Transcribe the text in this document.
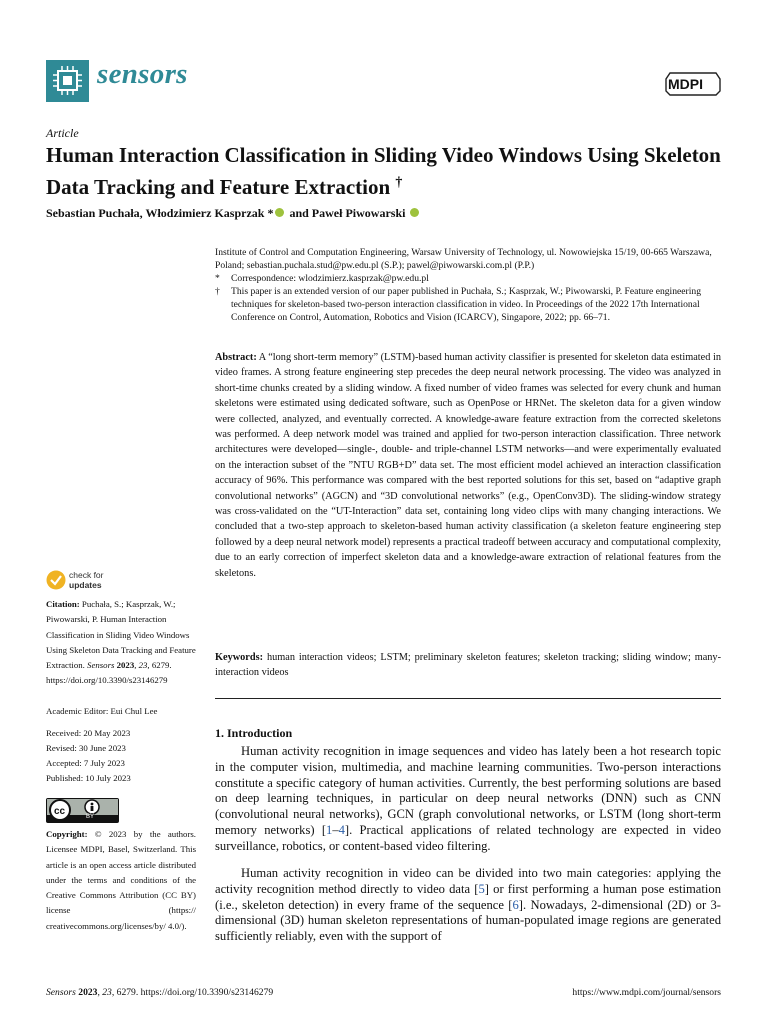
sensors	MDPI
Article
Human Interaction Classification in Sliding Video Windows Using Skeleton Data Tracking and Feature Extraction †
Sebastian Puchała, Włodzimierz Kasprzak * and Paweł Piwowarski
Institute of Control and Computation Engineering, Warsaw University of Technology, ul. Nowowiejska 15/19, 00-665 Warszawa, Poland; sebastian.puchala.stud@pw.edu.pl (S.P.); pawel@piwowarski.com.pl (P.P.)
*	Correspondence: wlodzimierz.kasprzak@pw.edu.pl
†	This paper is an extended version of our paper published in Puchała, S.; Kasprzak, W.; Piwowarski, P. Feature engineering techniques for skeleton-based two-person interaction classification in video. In Proceedings of the 2022 17th International Conference on Control, Automation, Robotics and Vision (ICARCV), Singapore, 2022; pp. 66–71.
Abstract: A “long short-term memory” (LSTM)-based human activity classifier is presented for skeleton data estimated in video frames. A strong feature engineering step precedes the deep neural network processing. The video was analyzed in short-time chunks created by a sliding window. A fixed number of video frames was selected for every chunk and human skeletons were estimated using dedicated software, such as OpenPose or HRNet. The skeleton data for a given window were collected, analyzed, and eventually corrected. A knowledge-aware feature extraction from the corrected skeletons was performed. A deep network model was trained and applied for two-person interaction classification. Three network architectures were developed—single-, double- and triple-channel LSTM networks—and were experimentally evaluated on the interaction subset of the ”NTU RGB+D” data set. The most efficient model achieved an interaction classification accuracy of 96%. This performance was compared with the best reported solutions for this set, based on “adaptive graph convolutional networks” (AGCN) and “3D convolutional networks” (e.g., OpenConv3D). The sliding-window strategy was cross-validated on the “UT-Interaction” data set, containing long video clips with many changing interactions. We concluded that a two-step approach to skeleton-based human activity classification (a skeleton feature engineering step followed by a deep neural network model) represents a practical tradeoff between accuracy and computational complexity, due to an early correction of imperfect skeleton data and a knowledge-aware extraction of relational features from the skeletons.
Keywords: human interaction videos; LSTM; preliminary skeleton features; skeleton tracking; sliding window; many-interaction videos
1. Introduction
Human activity recognition in image sequences and video has lately been a hot research topic in the computer vision, multimedia, and machine learning communities. Two-person interactions constitute a specific category of human activities. Currently, the best performing solutions are based on deep learning techniques, in particular on deep neural networks (DNN) such as CNN (convolutional neural networks), GCN (graph convolutional networks, or LSTM (long short-term memory networks) [1–4]. Practical applications of related technology are expected in video surveillance, robotics, or content-based video filtering.
Human activity recognition in video can be divided into two main categories: applying the activity recognition method directly to video data [5] or first performing a human pose estimation (i.e., skeleton detection) in every frame of the sequence [6]. Nowadays, 2-dimensional (2D) or 3-dimensional (3D) human skeleton representations of human-populated image regions are generated sufficiently reliably, even with the support of
check for
updates
Citation: Puchała, S.; Kasprzak, W.; Piwowarski, P. Human Interaction Classification in Sliding Video Windows Using Skeleton Data Tracking and Feature Extraction. Sensors 2023, 23, 6279. https://doi.org/10.3390/s23146279
Academic Editor: Eui Chul Lee
Received: 20 May 2023
Revised: 30 June 2023
Accepted: 7 July 2023
Published: 10 July 2023
cc	BY
Copyright: © 2023 by the authors. Licensee MDPI, Basel, Switzerland. This article is an open access article distributed under the terms and conditions of the Creative Commons Attribution (CC BY) license (https:// creativecommons.org/licenses/by/ 4.0/).
Sensors 2023, 23, 6279. https://doi.org/10.3390/s23146279	https://www.mdpi.com/journal/sensors
